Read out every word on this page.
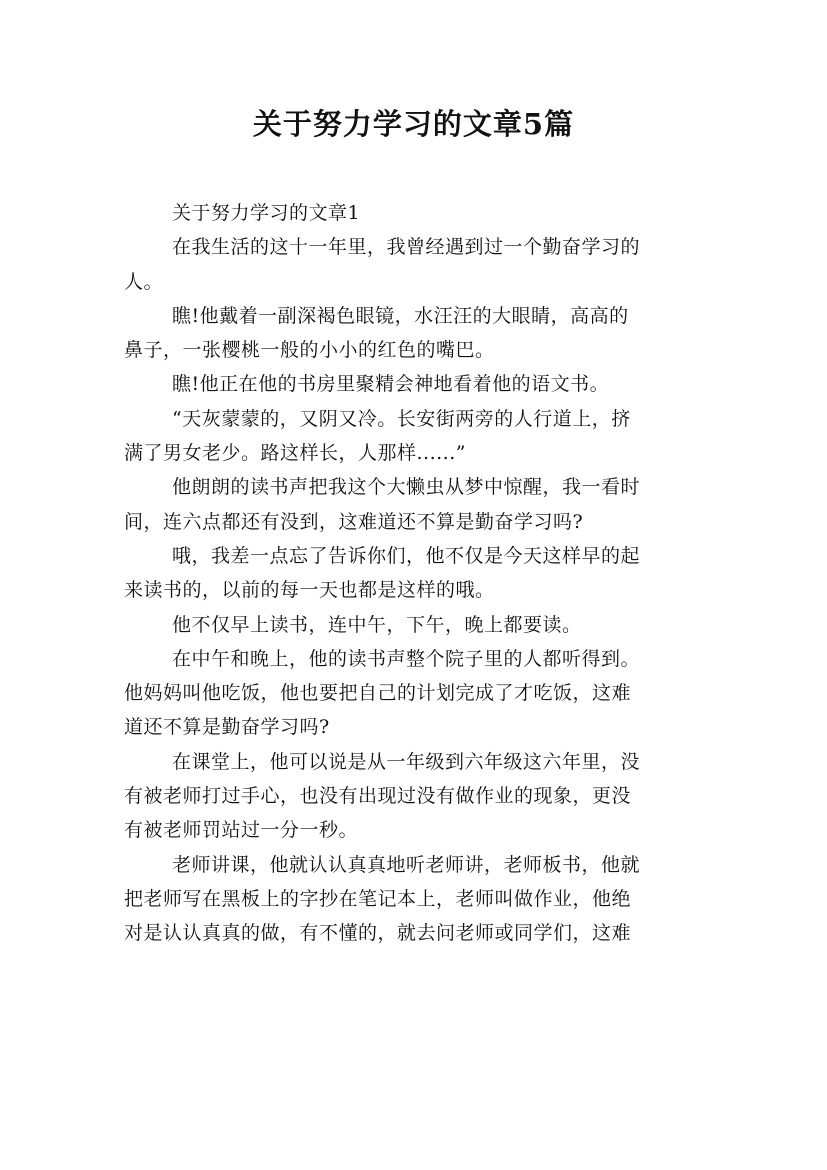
关于努力学习的文章5篇
关于努力学习的文章1
在我生活的这十一年里，我曾经遇到过一个勤奋学习的
人。
瞧!他戴着一副深褐色眼镜，水汪汪的大眼睛，高高的
鼻子，一张樱桃一般的小小的红色的嘴巴。
瞧!他正在他的书房里聚精会神地看着他的语文书。
“天灰蒙蒙的，又阴又冷。长安街两旁的人行道上，挤
满了男女老少。路这样长，人那样......”
他朗朗的读书声把我这个大懒虫从梦中惊醒，我一看时
间，连六点都还有没到，这难道还不算是勤奋学习吗?
哦，我差一点忘了告诉你们，他不仅是今天这样早的起
来读书的，以前的每一天也都是这样的哦。
他不仅早上读书，连中午，下午，晚上都要读。
在中午和晚上，他的读书声整个院子里的人都听得到。
他妈妈叫他吃饭，他也要把自己的计划完成了才吃饭，这难
道还不算是勤奋学习吗?
在课堂上，他可以说是从一年级到六年级这六年里，没
有被老师打过手心，也没有出现过没有做作业的现象，更没
有被老师罚站过一分一秒。
老师讲课，他就认认真真地听老师讲，老师板书，他就
把老师写在黑板上的字抄在笔记本上，老师叫做作业，他绝
对是认认真真的做，有不懂的，就去问老师或同学们，这难
